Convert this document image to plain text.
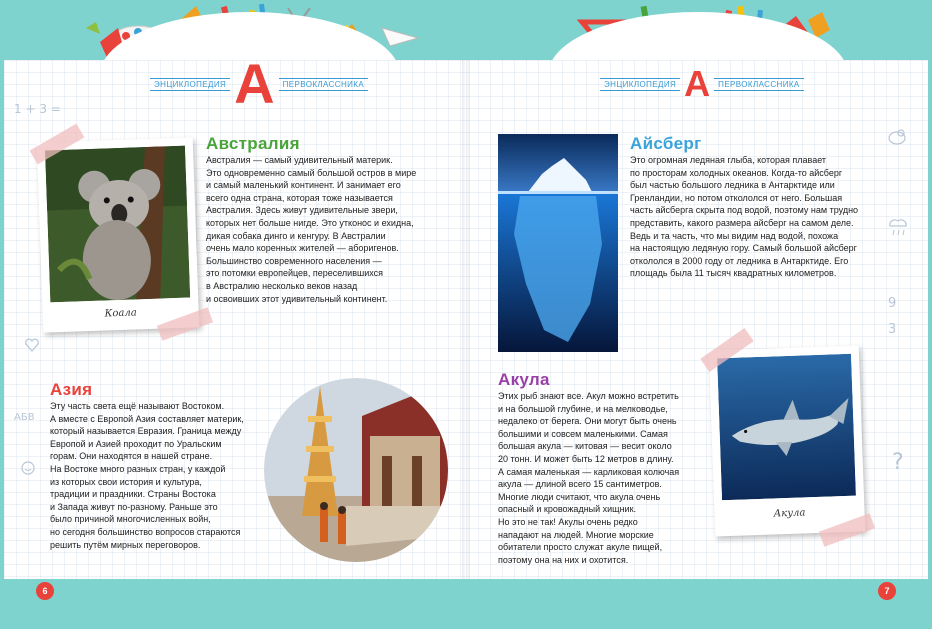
1 + 3 =
АБВ
ЭНЦИКЛОПЕДИЯ А	ПЕРВОКЛАССНИКА
Коала
Австралия
Австралия — самый удивительный материк.
Это одновременно самый большой остров в мире
и самый маленький континент. И занимает его
всего одна страна, которая тоже называется
Австралия. Здесь живут удивительные звери,
которых нет больше нигде. Это утконос и ехидна,
дикая собака динго и кенгуру. В Австралии
очень мало коренных жителей — аборигенов.
Большинство современного населения —
это потомки европейцев, переселившихся
в Австралию несколько веков назад
и освоивших этот удивительный континент.
Азия
Эту часть света ещё называют Востоком.
А вместе с Европой Азия составляет материк,
который называется Евразия. Граница между
Европой и Азией проходит по Уральским
горам. Они находятся в нашей стране.
На Востоке много разных стран, у каждой
из которых свои история и культура,
традиции и праздники. Страны Востока
и Запада живут по-разному. Раньше это
было причиной многочисленных войн,
но сегодня большинство вопросов стараются
решить путём мирных переговоров.
9
3
?
ЭНЦИКЛОПЕДИЯ А	ПЕРВОКЛАССНИКА
Айсберг
Это огромная ледяная глыба, которая плавает
по просторам холодных океанов. Когда-то айсберг
был частью большого ледника в Антарктиде или
Гренландии, но потом откололся от него. Большая
часть айсберга скрыта под водой, поэтому нам трудно
представить, какого размера айсберг на самом деле.
Ведь и та часть, что мы видим над водой, похожа
на настоящую ледяную гору. Самый большой айсберг
откололся в 2000 году от ледника в Антарктиде. Его
площадь была 11 тысяч квадратных километров.
Акула
Этих рыб знают все. Акул можно встретить
и на большой глубине, и на мелководье,
недалеко от берега. Они могут быть очень
большими и совсем маленькими. Самая
большая акула — китовая — весит около
20 тонн. И может быть 12 метров в длину.
А самая маленькая — карликовая колючая
акула — длиной всего 15 сантиметров.
Многие люди считают, что акула очень
опасный и кровожадный хищник.
Но это не так! Акулы очень редко
нападают на людей. Многие морские
обитатели просто служат акуле пищей,
поэтому она на них и охотится.
Акула
6	7
